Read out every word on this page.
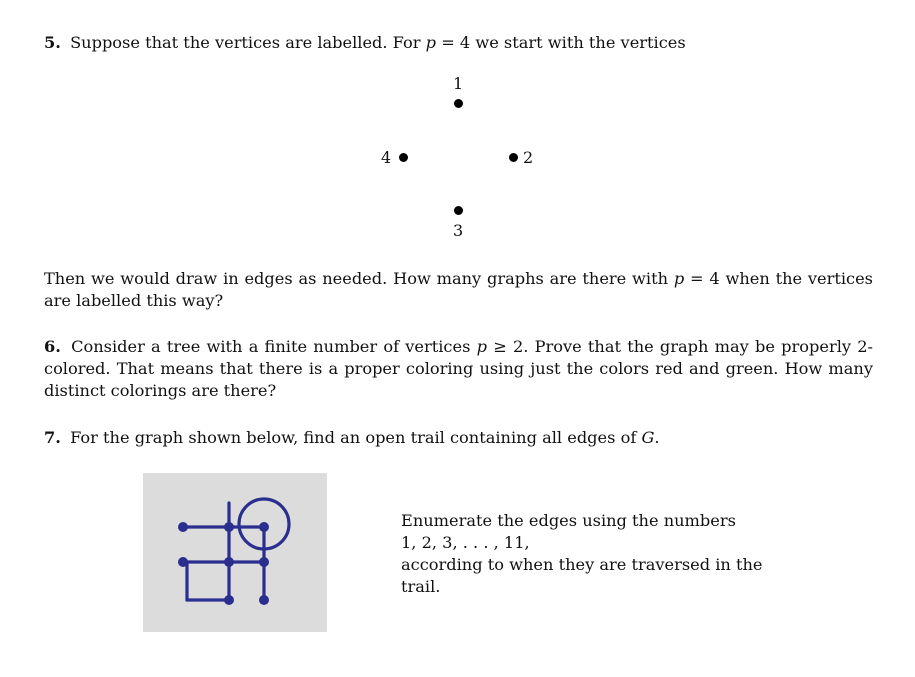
5. Suppose that the vertices are labelled. For p = 4 we start with the vertices

1
4	2
3

Then we would draw in edges as needed. How many graphs are there with p = 4 when the vertices are labelled this way?

6. Consider a tree with a finite number of vertices p ≥ 2. Prove that the graph may be properly 2-colored. That means that there is a proper coloring using just the colors red and green. How many distinct colorings are there?

7. For the graph shown below, find an open trail containing all edges of G.

Enumerate the edges using the numbers
1, 2, 3, . . . , 11,
according to when they are traversed in the
trail.
